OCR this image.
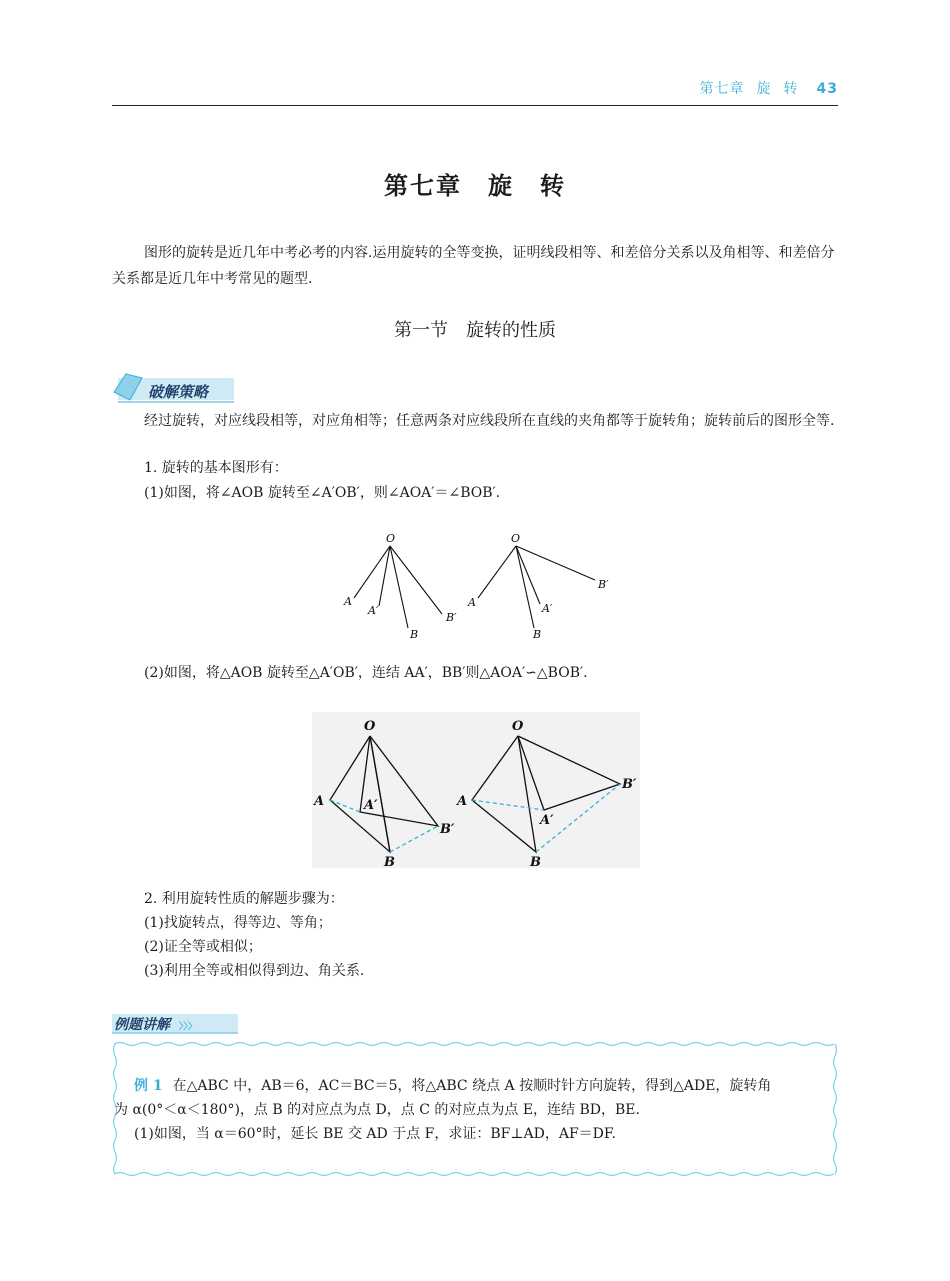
第七章 旋 转 43
第七章　旋　转
图形的旋转是近几年中考必考的内容.运用旋转的全等变换，证明线段相等、和差倍分关系以及角相等、和差倍分关系都是近几年中考常见的题型.
第一节　旋转的性质
破解策略
经过旋转，对应线段相等，对应角相等；任意两条对应线段所在直线的夹角都等于旋转角；旋转前后的图形全等.
1. 旋转的基本图形有：
(1)如图，将∠AOB 旋转至∠A′OB′，则∠AOA′＝∠BOB′.
O
A
A′
B
B′
O
A	A′
B
B′
(2)如图，将△AOB 旋转至△A′OB′，连结 AA′，BB′则△AOA′∽△BOB′.
O
A	A′
B
B′
O
A
A′
B
B′
2. 利用旋转性质的解题步骤为：
(1)找旋转点，得等边、等角；
(2)证全等或相似；
(3)利用全等或相似得到边、角关系.
例题讲解 〉〉〉
例 1 在△ABC 中，AB＝6，AC＝BC＝5，将△ABC 绕点 A 按顺时针方向旋转，得到△ADE，旋转角
为 α(0°＜α＜180°)，点 B 的对应点为点 D，点 C 的对应点为点 E，连结 BD，BE.
(1)如图，当 α＝60°时，延长 BE 交 AD 于点 F，求证：BF⊥AD，AF＝DF.
